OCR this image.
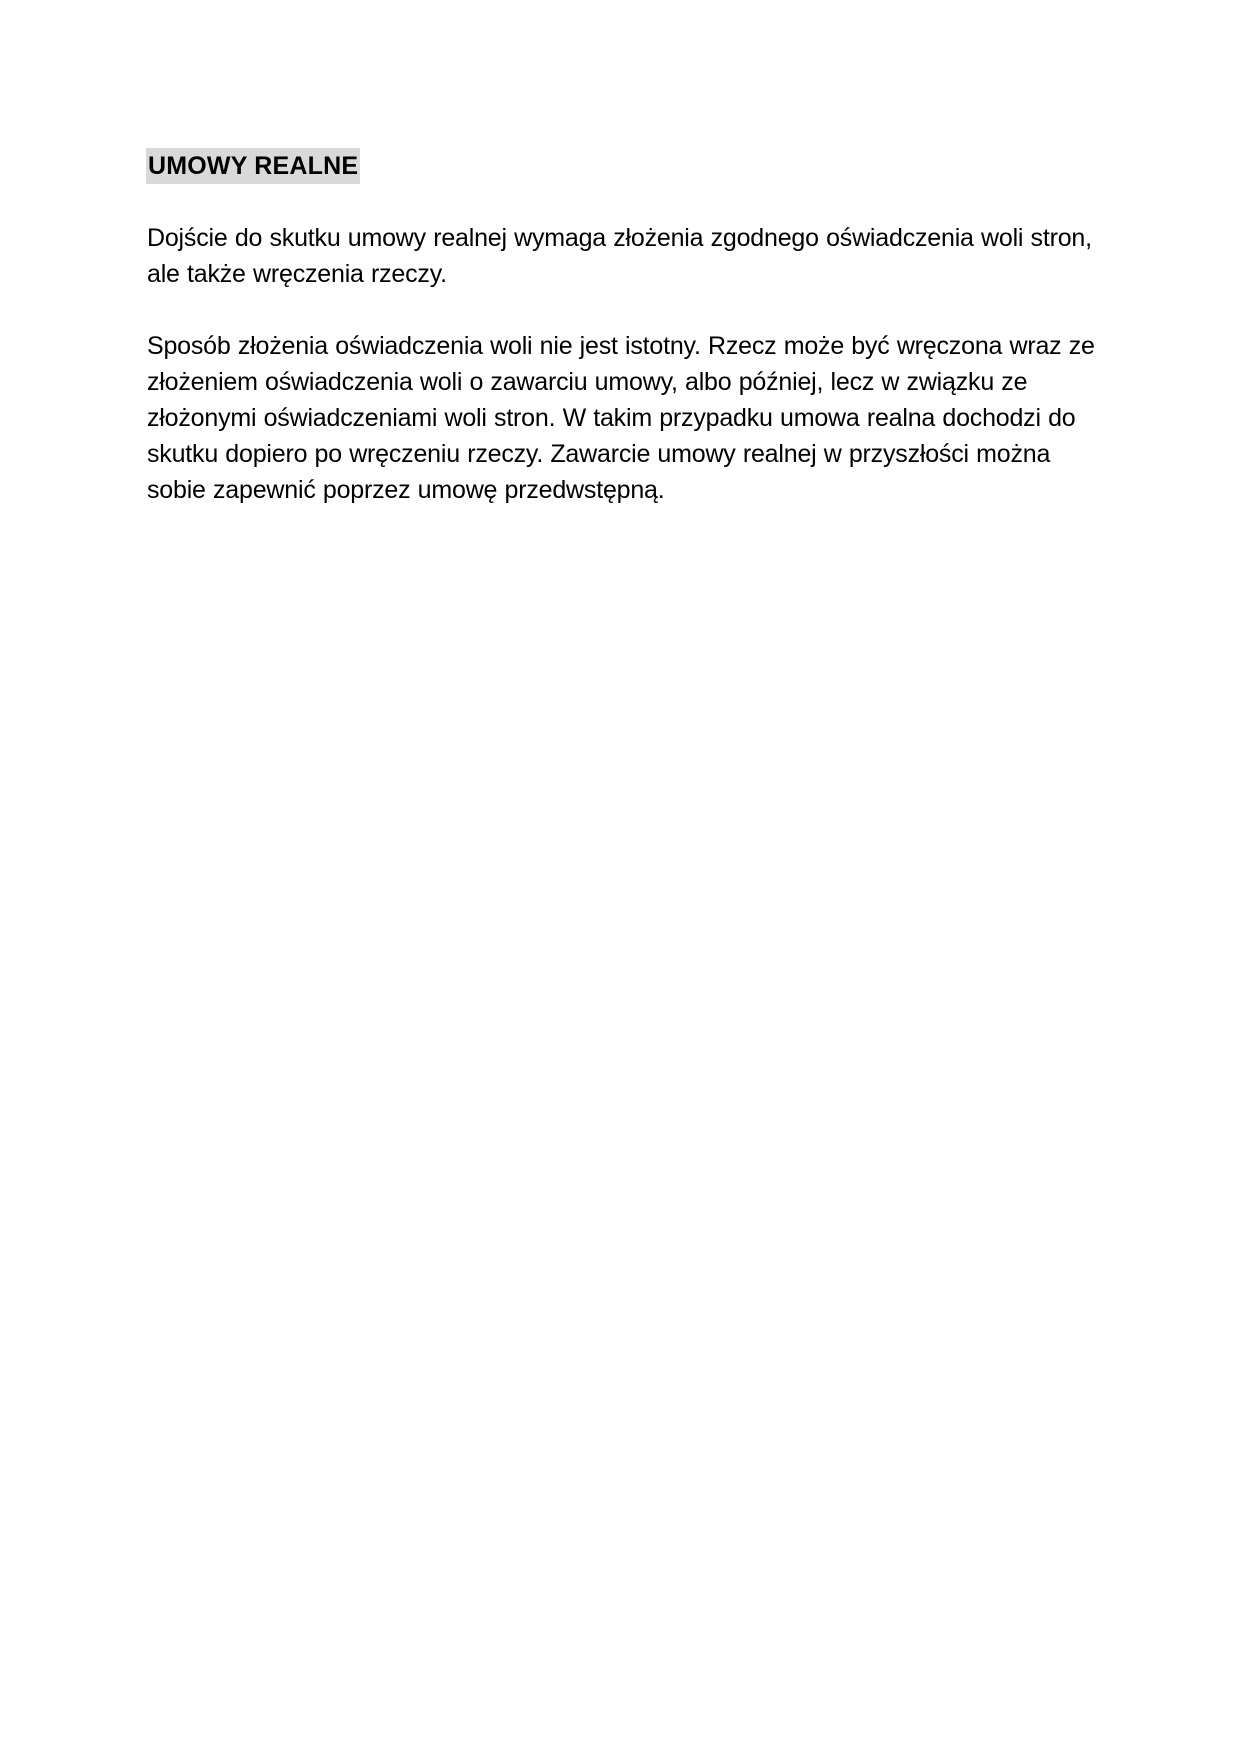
UMOWY REALNE

Dojście do skutku umowy realnej wymaga złożenia zgodnego oświadczenia woli stron, ale także wręczenia rzeczy.

Sposób złożenia oświadczenia woli nie jest istotny. Rzecz może być wręczona wraz ze złożeniem oświadczenia woli o zawarciu umowy, albo później, lecz w związku ze złożonymi oświadczeniami woli stron. W takim przypadku umowa realna dochodzi do skutku dopiero po wręczeniu rzeczy. Zawarcie umowy realnej w przyszłości można sobie zapewnić poprzez umowę przedwstępną.
